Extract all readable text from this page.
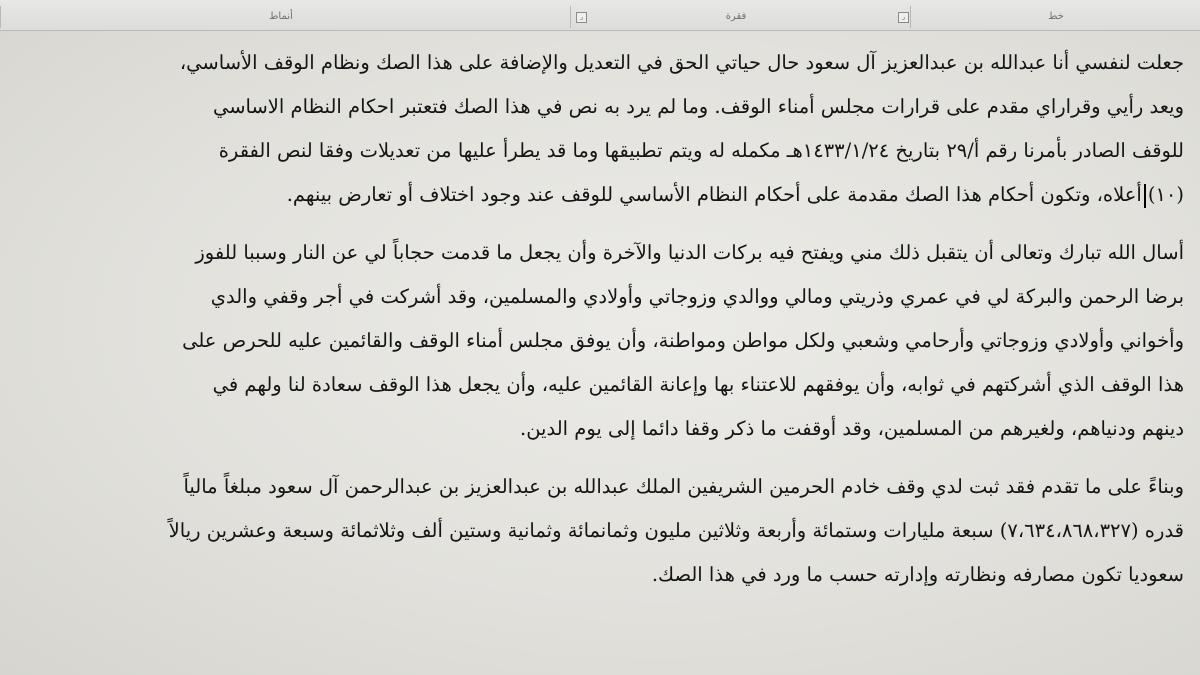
أنماط	⌟	فقرة	⌟	خط
جعلت لنفسي أنا عبدالله بن عبدالعزيز آل سعود حال حياتي الحق في التعديل والإضافة على هذا الصك ونظام الوقف الأساسي،
ويعد رأيي وقراراي مقدم على قرارات مجلس أمناء الوقف. وما لم يرد به نص في هذا الصك فتعتبر احكام النظام الاساسي
للوقف الصادر بأمرنا رقم أ/٢٩ بتاريخ ١٤٣٣/١/٢٤هـ مكمله له ويتم تطبيقها وما قد يطرأ عليها من تعديلات وفقا لنص الفقرة
(١٠)أعلاه، وتكون أحكام هذا الصك مقدمة على أحكام النظام الأساسي للوقف عند وجود اختلاف أو تعارض بينهم.
أسال الله تبارك وتعالى أن يتقبل ذلك مني ويفتح فيه بركات الدنيا والآخرة وأن يجعل ما قدمت حجاباً لي عن النار وسببا للفوز
برضا الرحمن والبركة لي في عمري وذريتي ومالي ووالدي وزوجاتي وأولادي والمسلمين، وقد أشركت في أجر وقفي والدي
وأخواني وأولادي وزوجاتي وأرحامي وشعبي ولكل مواطن ومواطنة، وأن يوفق مجلس أمناء الوقف والقائمين عليه للحرص على
هذا الوقف الذي أشركتهم في ثوابه، وأن يوفقهم للاعتناء بها وإعانة القائمين عليه، وأن يجعل هذا الوقف سعادة لنا ولهم في
دينهم ودنياهم، ولغيرهم من المسلمين، وقد أوقفت ما ذكر وقفا دائما إلى يوم الدين.
وبناءً على ما تقدم فقد ثبت لدي وقف خادم الحرمين الشريفين الملك عبدالله بن عبدالعزيز بن عبدالرحمن آل سعود مبلغاً مالياً
قدره (٧،٦٣٤،٨٦٨،٣٢٧) سبعة مليارات وستمائة وأربعة وثلاثين مليون وثمانمائة وثمانية وستين ألف وثلاثمائة وسبعة وعشرين ريالاً
سعوديا تكون مصارفه ونظارته وإدارته حسب ما ورد في هذا الصك.
